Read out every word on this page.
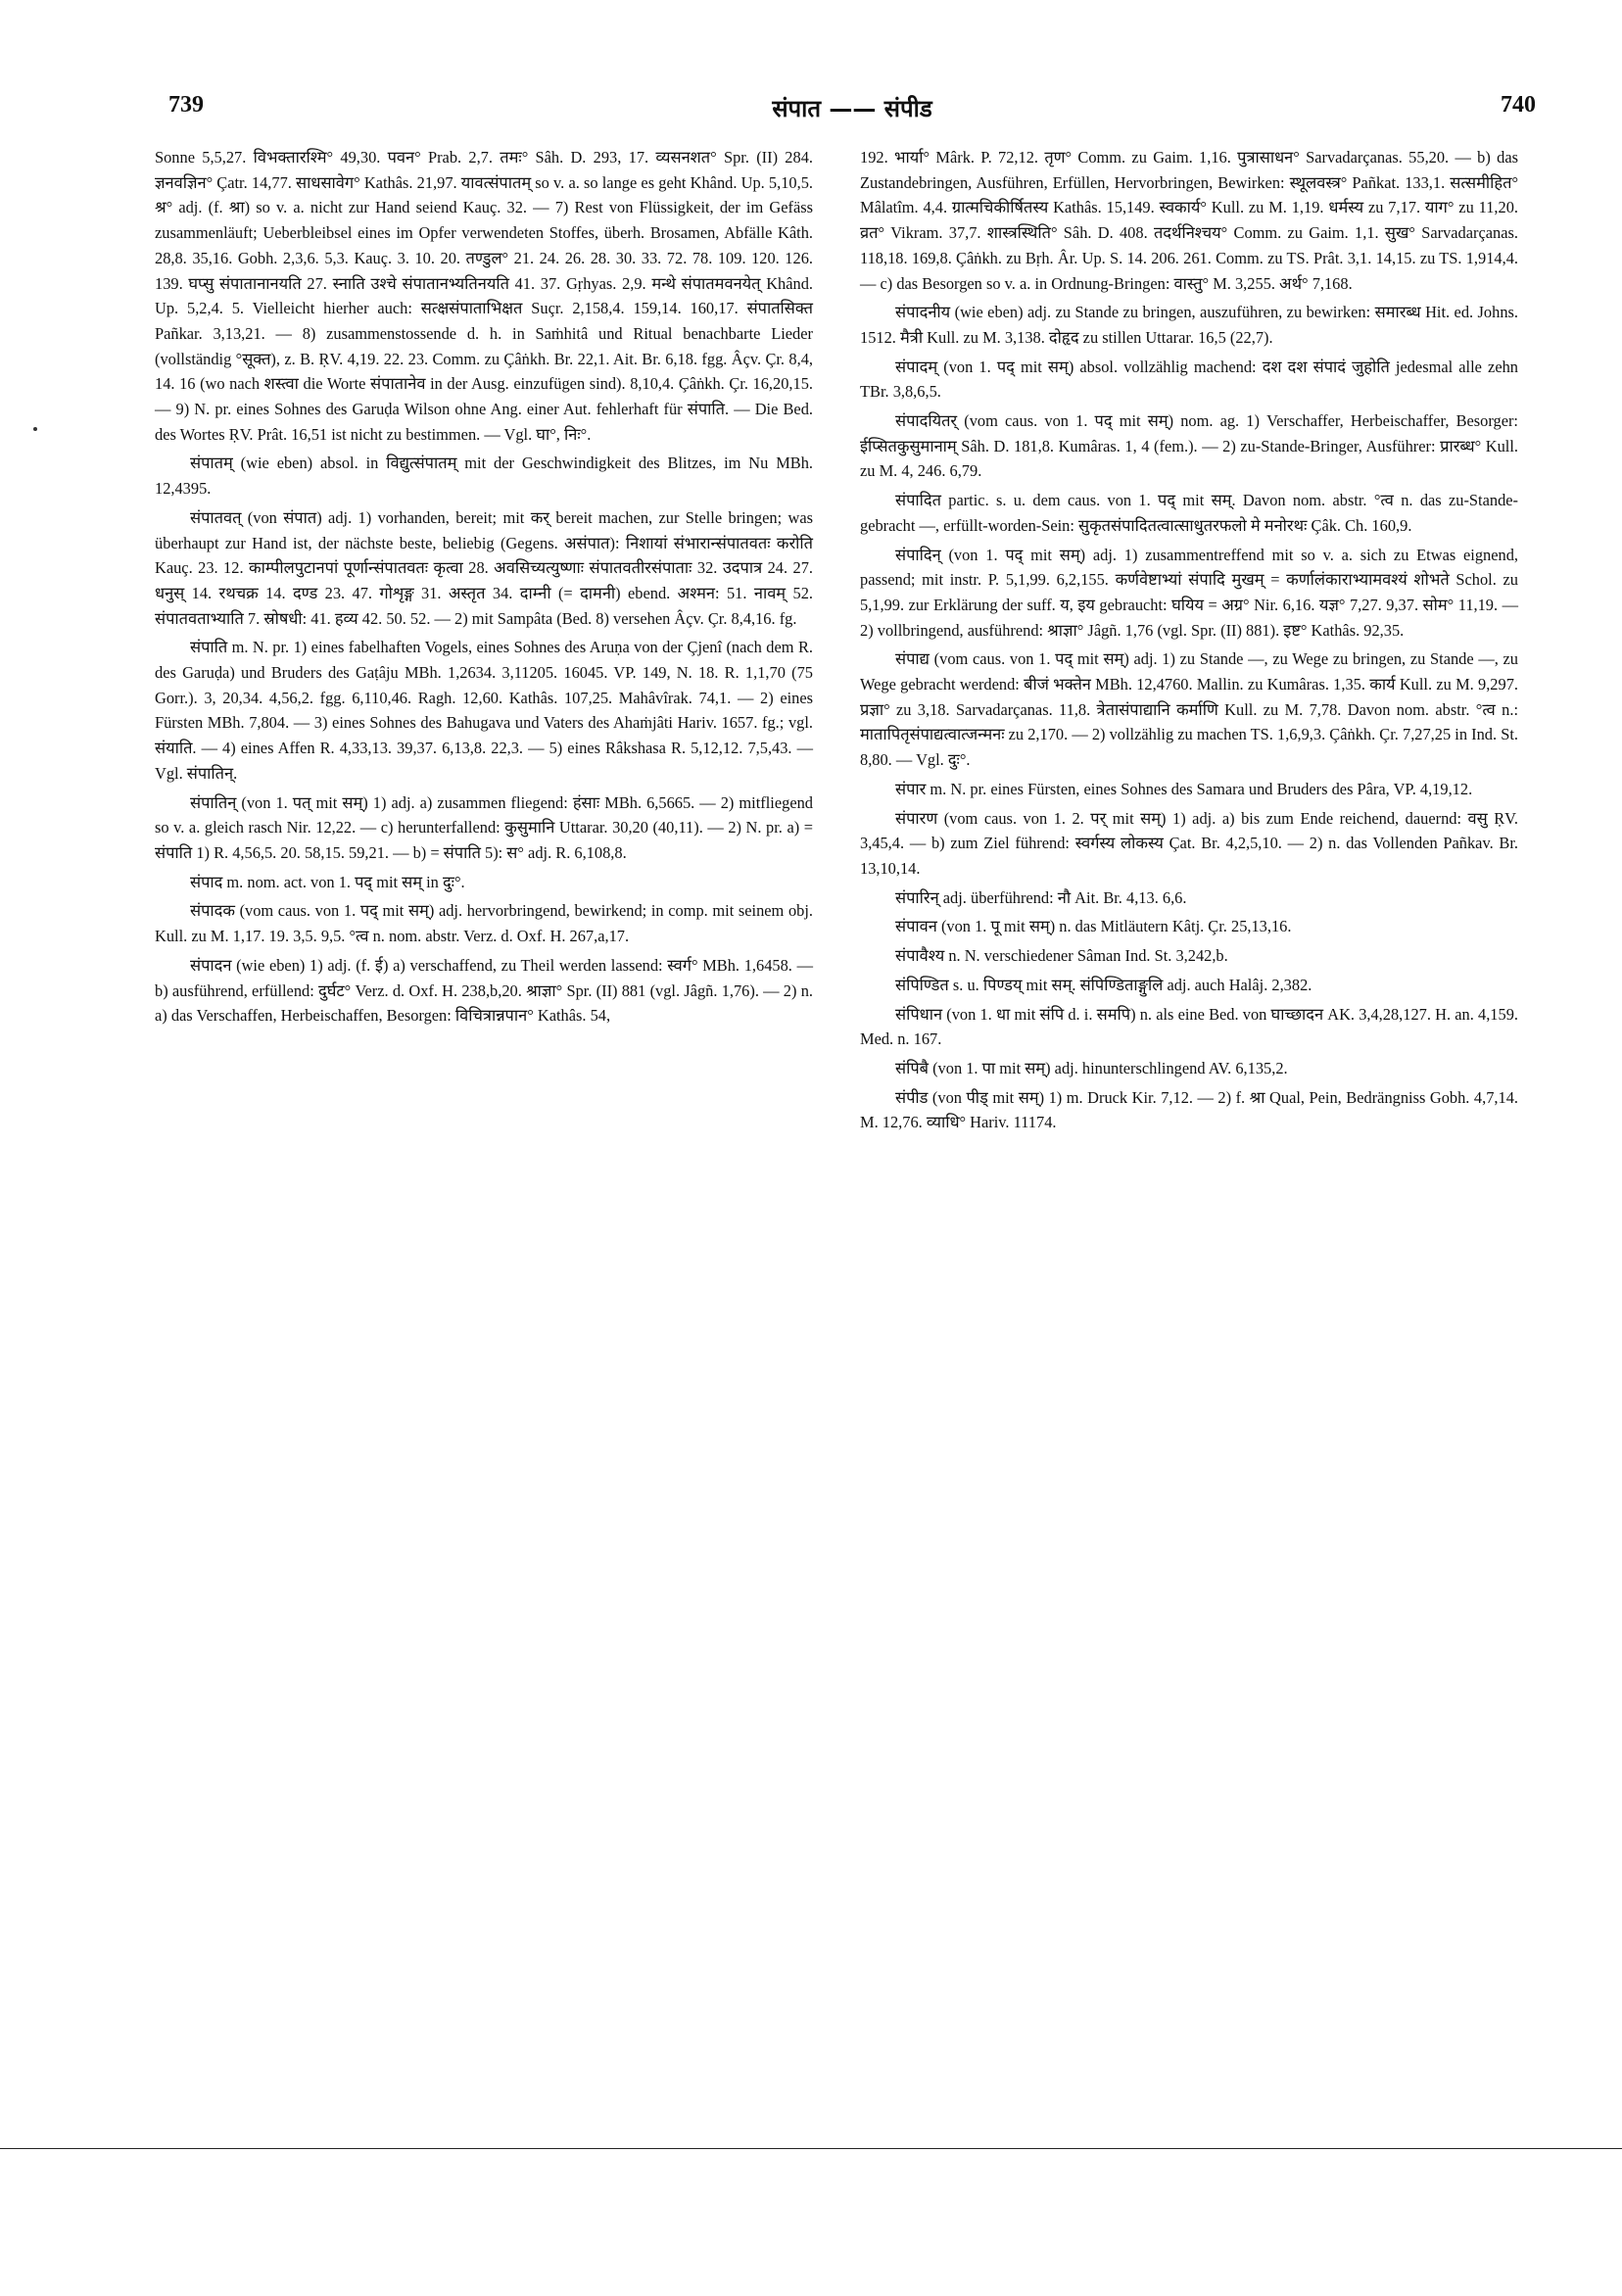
739	संपात —— संपीड	740

Sonne 5,5,27. विभक्तारश्मि° 49,30. पवन° Prab. 2,7. तमः° Sâh. D. 293, 17. व्यसनशत° Spr. (II) 284. ज्ञनवज्ञिन° Çatr. 14,77. साधसावेग° Kathâs. 21,97. यावत्संपातम् so v. a. so lange es geht Khând. Up. 5,10,5. श्र° adj. (f. श्रा) so v. a. nicht zur Hand seiend Kauç. 32. — 7) Rest von Flüssigkeit, der im Gefäss zusammenläuft; Ueberbleibsel eines im Opfer verwendeten Stoffes, überh. Brosamen, Abfälle Kâth. 28,8. 35,16. Gobh. 2,3,6. 5,3. Kauç. 3. 10. 20. तण्डुल° 21. 24. 26. 28. 30. 33. 72. 78. 109. 120. 126. 139. घप्सु संपातानानयति 27. स्नाति उश्चे संपातानभ्यतिनयति 41. 37. Gṛhyas. 2,9. मन्थे संपातमवनयेत् Khând. Up. 5,2,4. 5. Vielleicht hierher auch: सत्क्षसंपाताभिक्षत Suçr. 2,158,4. 159,14. 160,17. संपातसिक्त Pañkar. 3,13,21. — 8) zusammenstossende d. h. in Saṁhitâ und Ritual benachbarte Lieder (vollständig °सूक्त), z. B. ṚV. 4,19. 22. 23. Comm. zu Çâṅkh. Br. 22,1. Ait. Br. 6,18. fgg. Âçv. Çr. 8,4, 14. 16 (wo nach शस्त्वा die Worte संपातानेव in der Ausg. einzufügen sind). 8,10,4. Çâṅkh. Çr. 16,20,15. — 9) N. pr. eines Sohnes des Garuḍa Wilson ohne Ang. einer Aut. fehlerhaft für संपाति. — Die Bed. des Wortes ṚV. Prât. 16,51 ist nicht zu bestimmen. — Vgl. घा°, निः°.

संपातम् (wie eben) absol. in विद्युत्संपातम् mit der Geschwindigkeit des Blitzes, im Nu MBh. 12,4395.

संपातवत् (von संपात) adj. 1) vorhanden, bereit; mit कर् bereit machen, zur Stelle bringen; was überhaupt zur Hand ist, der nächste beste, beliebig (Gegens. असंपात): निशायां संभारान्संपातवतः करोति Kauç. 23. 12. काम्पीलपुटानपां पूर्णान्संपातवतः कृत्वा 28. अवसिच्यत्युष्णाः संपातवतीरसंपाताः 32. उदपात्र 24. 27. धनुस् 14. रथचक्र 14. दण्ड 23. 47. गोशृङ्ग 31. अस्तृत 34. दाम्नी (= दामनी) ebend. अश्मन: 51. नावम् 52. संपातवताभ्याति 7. स्रोषधी: 41. हव्य 42. 50. 52. — 2) mit Sampâta (Bed. 8) versehen Âçv. Çr. 8,4,16. fg.

संपाति m. N. pr. 1) eines fabelhaften Vogels, eines Sohnes des Aruṇa von der Çjenî (nach dem R. des Garuḍa) und Bruders des Gaṭâju MBh. 1,2634. 3,11205. 16045. VP. 149, N. 18. R. 1,1,70 (75 Gorr.). 3, 20,34. 4,56,2. fgg. 6,110,46. Ragh. 12,60. Kathâs. 107,25. Mahâvîrak. 74,1. — 2) eines Fürsten MBh. 7,804. — 3) eines Sohnes des Bahugava und Vaters des Ahaṁjâti Hariv. 1657. fg.; vgl. संयाति. — 4) eines Affen R. 4,33,13. 39,37. 6,13,8. 22,3. — 5) eines Râkshasa R. 5,12,12. 7,5,43. — Vgl. संपातिन्.

संपातिन् (von 1. पत् mit सम्) 1) adj. a) zusammen fliegend: हंसाः MBh. 6,5665. — 2) mitfliegend so v. a. gleich rasch Nir. 12,22. — c) herunterfallend: कुसुमानि Uttarar. 30,20 (40,11). — 2) N. pr. a) = संपाति 1) R. 4,56,5. 20. 58,15. 59,21. — b) = संपाति 5): स° adj. R. 6,108,8.

संपाद m. nom. act. von 1. पद् mit सम् in दुः°.

संपादक (vom caus. von 1. पद् mit सम्) adj. hervorbringend, bewirkend; in comp. mit seinem obj. Kull. zu M. 1,17. 19. 3,5. 9,5. °त्व n. nom. abstr. Verz. d. Oxf. H. 267,a,17.

संपादन (wie eben) 1) adj. (f. ई) a) verschaffend, zu Theil werden lassend: स्वर्ग° MBh. 1,6458. — b) ausführend, erfüllend: दुर्घट° Verz. d. Oxf. H. 238,b,20. श्राज्ञा° Spr. (II) 881 (vgl. Jâgñ. 1,76). — 2) n. a) das Verschaffen, Herbeischaffen, Besorgen: विचित्रान्नपान° Kathâs. 54,

192. भार्या° Mârk. P. 72,12. तृण° Comm. zu Gaim. 1,16. पुत्रासाधन° Sarvadarçanas. 55,20. — b) das Zustandebringen, Ausführen, Erfüllen, Hervorbringen, Bewirken: स्थूलवस्त्र° Pañkat. 133,1. सत्समीहित° Mâlatîm. 4,4. ग्रात्मचिकीर्षितस्य Kathâs. 15,149. स्वकार्य° Kull. zu M. 1,19. धर्मस्य zu 7,17. याग° zu 11,20. व्रत° Vikram. 37,7. शास्त्रस्थिति° Sâh. D. 408. तदर्थनिश्चय° Comm. zu Gaim. 1,1. सुख° Sarvadarçanas. 118,18. 169,8. Çâṅkh. zu Bṛh. Âr. Up. S. 14. 206. 261. Comm. zu TS. Prât. 3,1. 14,15. zu TS. 1,914,4. — c) das Besorgen so v. a. in Ordnung-Bringen: वास्तु° M. 3,255. अर्थ° 7,168.

संपादनीय (wie eben) adj. zu Stande zu bringen, auszuführen, zu bewirken: समारब्ध Hit. ed. Johns. 1512. मैत्री Kull. zu M. 3,138. दोहृद zu stillen Uttarar. 16,5 (22,7).

संपादम् (von 1. पद् mit सम्) absol. vollzählig machend: दश दश संपादं जुहोति jedesmal alle zehn TBr. 3,8,6,5.

संपादयितर् (vom caus. von 1. पद् mit सम्) nom. ag. 1) Verschaffer, Herbeischaffer, Besorger: ईप्सितकुसुमानाम् Sâh. D. 181,8. Kumâras. 1, 4 (fem.). — 2) zu-Stande-Bringer, Ausführer: प्रारब्ध° Kull. zu M. 4, 246. 6,79.

संपादित partic. s. u. dem caus. von 1. पद् mit सम्. Davon nom. abstr. °त्व n. das zu-Stande-gebracht —, erfüllt-worden-Sein: सुकृतसंपादितत्वात्साधुतरफलो मे मनोरथः Çâk. Ch. 160,9.

संपादिन् (von 1. पद् mit सम्) adj. 1) zusammentreffend mit so v. a. sich zu Etwas eignend, passend; mit instr. P. 5,1,99. 6,2,155. कर्णवेष्टाभ्यां संपादि मुखम् = कर्णालंकाराभ्यामवश्यं शोभते Schol. zu 5,1,99. zur Erklärung der suff. य, इय gebraucht: घयिय = अग्र° Nir. 6,16. यज्ञ° 7,27. 9,37. सोम° 11,19. — 2) vollbringend, ausführend: श्राज्ञा° Jâgñ. 1,76 (vgl. Spr. (II) 881). इष्ट° Kathâs. 92,35.

संपाद्य (vom caus. von 1. पद् mit सम्) adj. 1) zu Stande —, zu Wege zu bringen, zu Stande —, zu Wege gebracht werdend: बीजं भक्तेन MBh. 12,4760. Mallin. zu Kumâras. 1,35. कार्य Kull. zu M. 9,297. प्रज्ञा° zu 3,18. Sarvadarçanas. 11,8. त्रेतासंपाद्यानि कर्माणि Kull. zu M. 7,78. Davon nom. abstr. °त्व n.: मातापितृसंपाद्यत्वात्जन्मनः zu 2,170. — 2) vollzählig zu machen TS. 1,6,9,3. Çâṅkh. Çr. 7,27,25 in Ind. St. 8,80. — Vgl. दुः°.

संपार m. N. pr. eines Fürsten, eines Sohnes des Samara und Bruders des Pâra, VP. 4,19,12.

संपारण (vom caus. von 1. 2. पर् mit सम्) 1) adj. a) bis zum Ende reichend, dauernd: वसु ṚV. 3,45,4. — b) zum Ziel führend: स्वर्गस्य लोकस्य Çat. Br. 4,2,5,10. — 2) n. das Vollenden Pañkav. Br. 13,10,14.

संपारिन् adj. überführend: नौ Ait. Br. 4,13. 6,6.

संपावन (von 1. पू mit सम्) n. das Mitläutern Kâtj. Çr. 25,13,16.

संपावैश्य n. N. verschiedener Sâman Ind. St. 3,242,b.

संपिण्डित s. u. पिण्डय् mit सम्. संपिण्डिताङ्गुलि adj. auch Halâj. 2,382.

संपिधान (von 1. धा mit संपि d. i. समपि) n. als eine Bed. von घाच्छादन AK. 3,4,28,127. H. an. 4,159. Med. n. 167.

संपिबै (von 1. पा mit सम्) adj. hinunterschlingend AV. 6,135,2.

संपीड (von पीड् mit सम्) 1) m. Druck Kir. 7,12. — 2) f. श्रा Qual, Pein, Bedrängniss Gobh. 4,7,14. M. 12,76. व्याधि° Hariv. 11174.
